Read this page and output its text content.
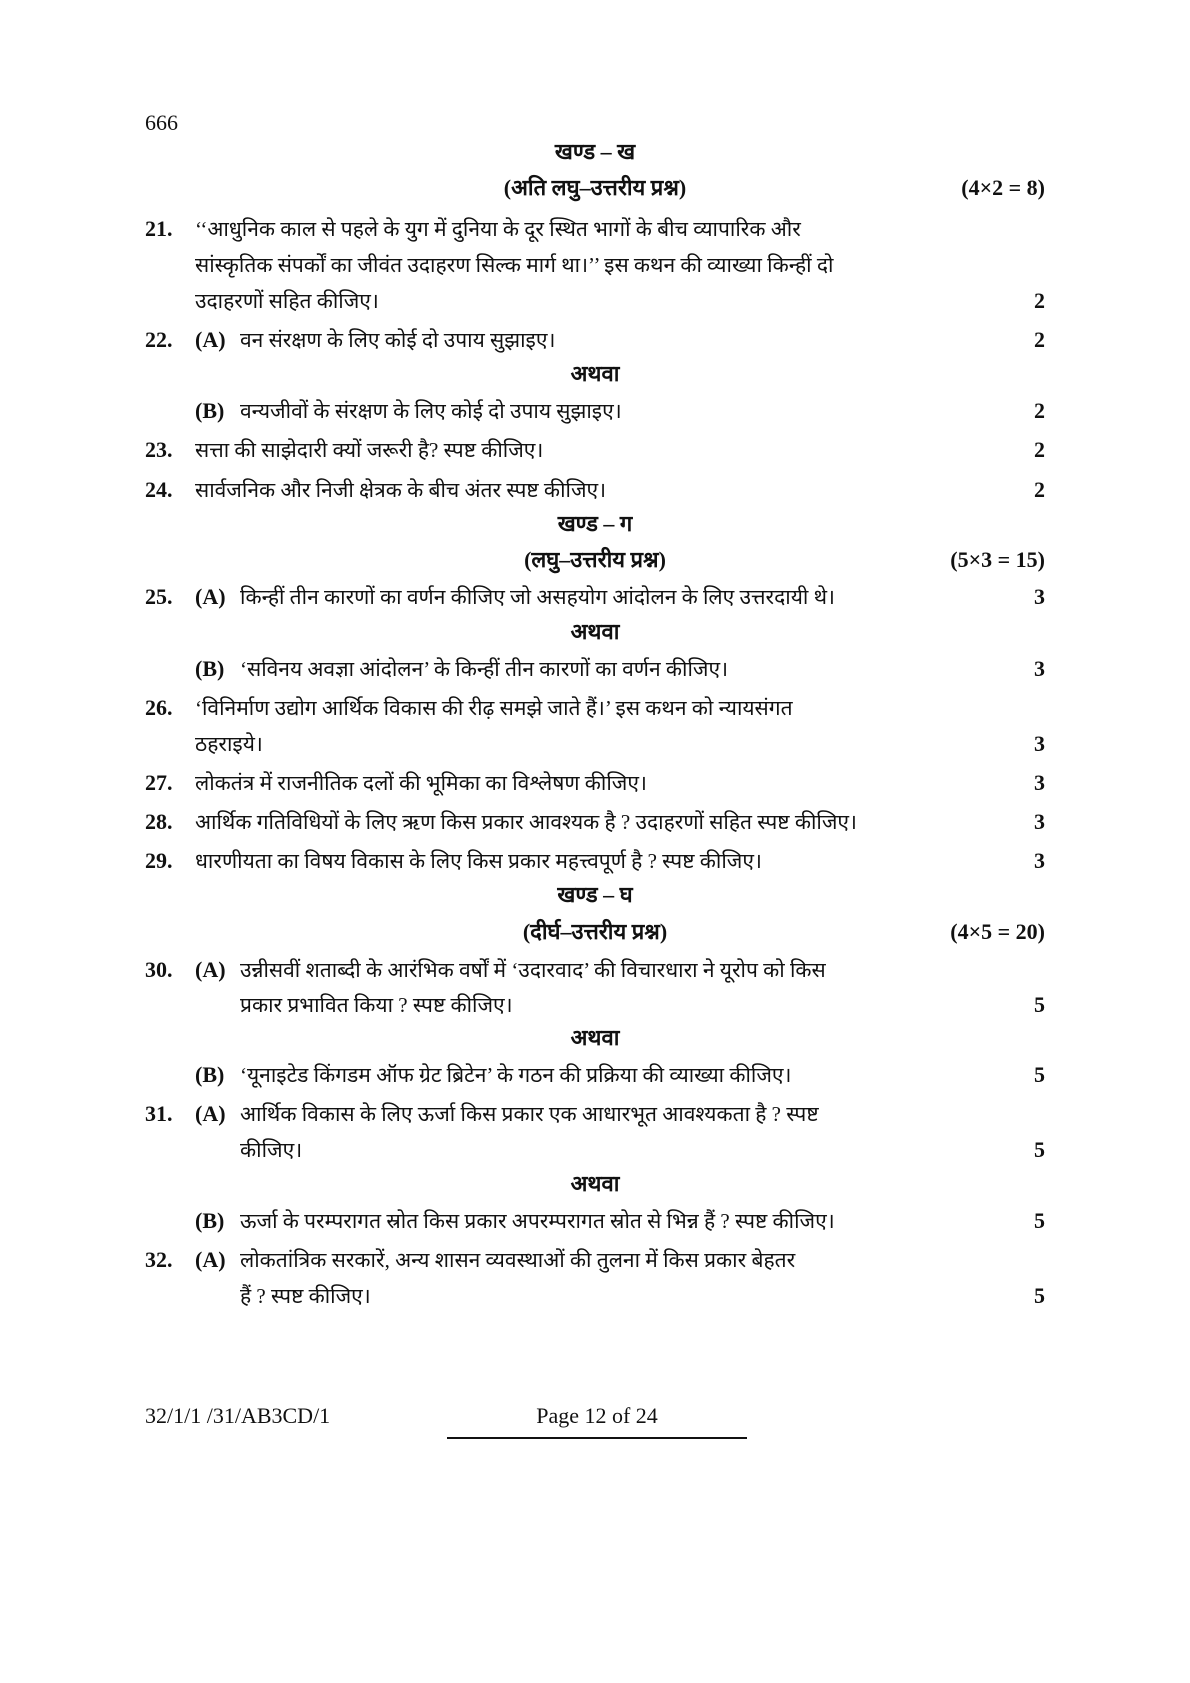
666
खण्ड – ख
(अति लघु–उत्तरीय प्रश्न)	(4×2 = 8)
21. ‘‘आधुनिक काल से पहले के युग में दुनिया के दूर स्थित भागों के बीच व्यापारिक और
सांस्कृतिक संपर्कों का जीवंत उदाहरण सिल्क मार्ग था।’’ इस कथन की व्याख्या किन्हीं दो
उदाहरणों सहित कीजिए।	2
22. (A) वन संरक्षण के लिए कोई दो उपाय सुझाइए।	2
अथवा
(B) वन्यजीवों के संरक्षण के लिए कोई दो उपाय सुझाइए।	2
23. सत्ता की साझेदारी क्यों जरूरी है? स्पष्ट कीजिए।	2
24. सार्वजनिक और निजी क्षेत्रक के बीच अंतर स्पष्ट कीजिए।	2
खण्ड – ग
(लघु–उत्तरीय प्रश्न)	(5×3 = 15)
25. (A) किन्हीं तीन कारणों का वर्णन कीजिए जो असहयोग आंदोलन के लिए उत्तरदायी थे।	3
अथवा
(B) ‘सविनय अवज्ञा आंदोलन’ के किन्हीं तीन कारणों का वर्णन कीजिए।	3
26. ‘विनिर्माण उद्योग आर्थिक विकास की रीढ़ समझे जाते हैं।’ इस कथन को न्यायसंगत
ठहराइये।	3
27. लोकतंत्र में राजनीतिक दलों की भूमिका का विश्लेषण कीजिए।	3
28. आर्थिक गतिविधियों के लिए ऋण किस प्रकार आवश्यक है ? उदाहरणों सहित स्पष्ट कीजिए।	3
29. धारणीयता का विषय विकास के लिए किस प्रकार महत्त्वपूर्ण है ? स्पष्ट कीजिए।	3
खण्ड – घ
(दीर्घ–उत्तरीय प्रश्न)	(4×5 = 20)
30. (A) उन्नीसवीं शताब्दी के आरंभिक वर्षों में ‘उदारवाद’ की विचारधारा ने यूरोप को किस
प्रकार प्रभावित किया ? स्पष्ट कीजिए।	5
अथवा
(B) ‘यूनाइटेड किंगडम ऑफ ग्रेट ब्रिटेन’ के गठन की प्रक्रिया की व्याख्या कीजिए।	5
31. (A) आर्थिक विकास के लिए ऊर्जा किस प्रकार एक आधारभूत आवश्यकता है ? स्पष्ट
कीजिए।	5
अथवा
(B) ऊर्जा के परम्परागत स्रोत किस प्रकार अपरम्परागत स्रोत से भिन्न हैं ? स्पष्ट कीजिए।	5
32. (A) लोकतांत्रिक सरकारें, अन्य शासन व्यवस्थाओं की तुलना में किस प्रकार बेहतर
हैं ? स्पष्ट कीजिए।	5
32/1/1 /31/AB3CD/1	Page 12 of 24
